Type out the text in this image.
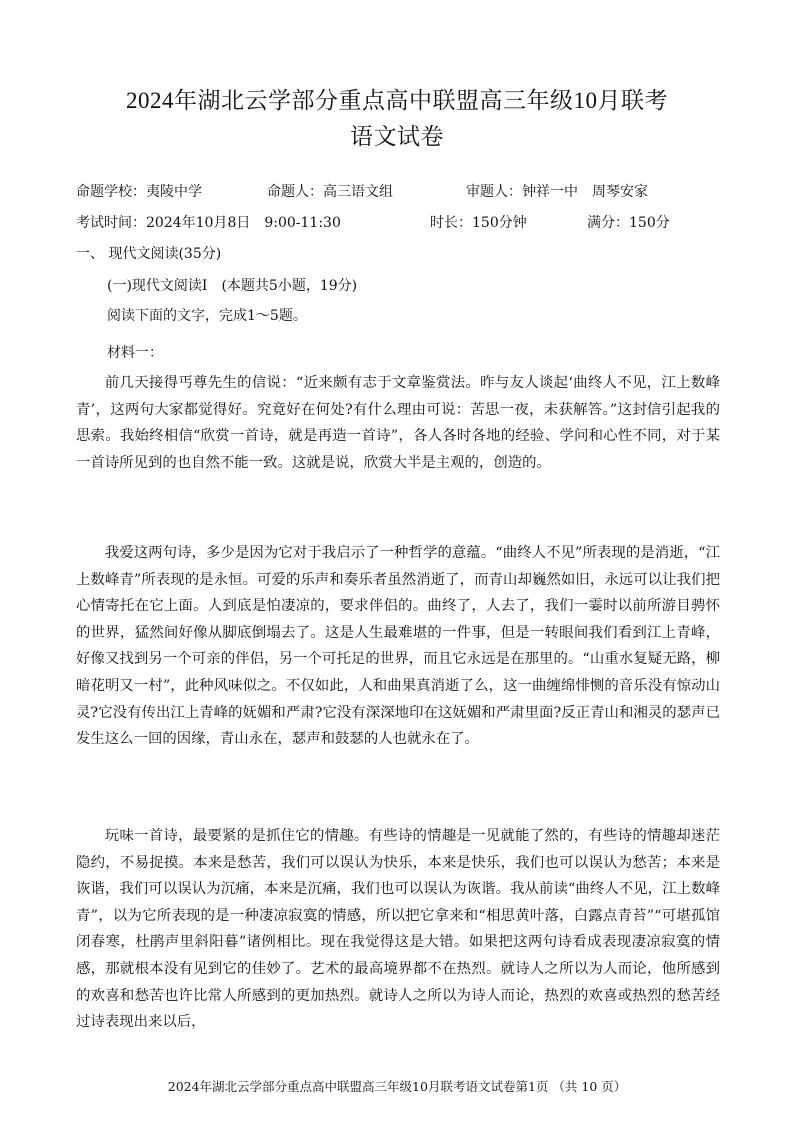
2024年湖北云学部分重点高中联盟高三年级10月联考
语文试卷
命题学校：夷陵中学	命题人：高三语文组	审题人：钟祥一中　周琴安家
考试时间：2024年10月8日　9:00-11:30	时长：150分钟	满分：150分
一、 现代文阅读(35分)
(一)现代文阅读I　(本题共5小题，19分)
阅读下面的文字，完成1～5题。
材料一：

前几天接得丐尊先生的信说：“近来颇有志于文章鉴赏法。昨与友人谈起‘曲终人不见，江上数峰青’，这两句大家都觉得好。究竟好在何处?有什么理由可说：苦思一夜，未获解答。”这封信引起我的思索。我始终相信“欣赏一首诗，就是再造一首诗”，各人各时各地的经验、学问和心性不同，对于某一首诗所见到的也自然不能一致。这就是说，欣赏大半是主观的，创造的。

我爱这两句诗，多少是因为它对于我启示了一种哲学的意蕴。“曲终人不见”所表现的是消逝，“江上数峰青”所表现的是永恒。可爱的乐声和奏乐者虽然消逝了，而青山却巍然如旧，永远可以让我们把心情寄托在它上面。人到底是怕凄凉的，要求伴侣的。曲终了，人去了，我们一霎时以前所游目骋怀的世界，猛然间好像从脚底倒塌去了。这是人生最难堪的一件事，但是一转眼间我们看到江上青峰，好像又找到另一个可亲的伴侣，另一个可托足的世界，而且它永远是在那里的。“山重水复疑无路，柳暗花明又一村”，此种风味似之。不仅如此，人和曲果真消逝了么，这一曲缠绵悱恻的音乐没有惊动山灵?它没有传出江上青峰的妩媚和严肃?它没有深深地印在这妩媚和严肃里面?反正青山和湘灵的瑟声已发生这么一回的因缘，青山永在，瑟声和鼓瑟的人也就永在了。

玩味一首诗，最要紧的是抓住它的情趣。有些诗的情趣是一见就能了然的，有些诗的情趣却迷茫隐约，不易捉摸。本来是愁苦，我们可以误认为快乐，本来是快乐，我们也可以误认为愁苦；本来是诙谐，我们可以误认为沉痛，本来是沉痛，我们也可以误认为诙谐。我从前读“曲终人不见，江上数峰青”，以为它所表现的是一种凄凉寂寞的情感，所以把它拿来和“相思黄叶落，白露点青苔”“可堪孤馆闭春寒，杜鹃声里斜阳暮”诸例相比。现在我觉得这是大错。如果把这两句诗看成表现凄凉寂寞的情感，那就根本没有见到它的佳妙了。艺术的最高境界都不在热烈。就诗人之所以为人而论，他所感到的欢喜和愁苦也许比常人所感到的更加热烈。就诗人之所以为诗人而论，热烈的欢喜或热烈的愁苦经过诗表现出来以后，

2024年湖北云学部分重点高中联盟高三年级10月联考语文试卷第1页 （共 10 页）
